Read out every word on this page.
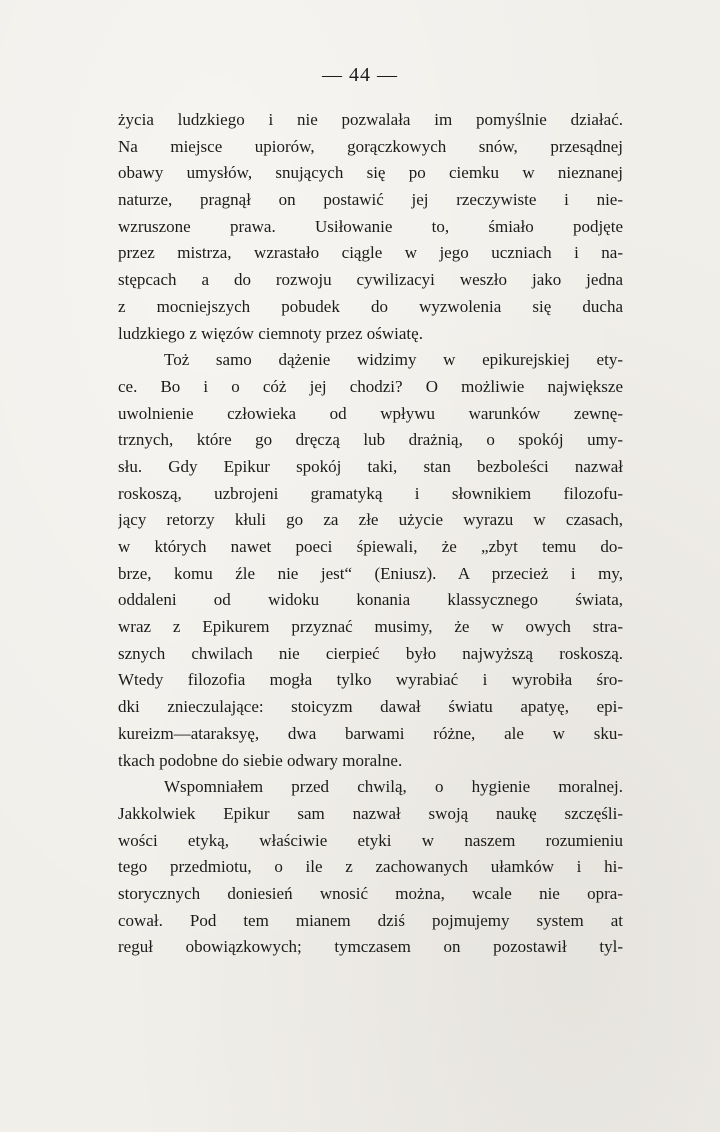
— 44 —
życia ludzkiego i nie pozwalała im pomyślnie działać.
Na miejsce upiorów, gorączkowych snów, przesądnej
obawy umysłów, snujących się po ciemku w nieznanej
naturze, pragnął on postawić jej rzeczywiste i nie-
wzruszone prawa. Usiłowanie to, śmiało podjęte
przez mistrza, wzrastało ciągle w jego uczniach i na-
stępcach a do rozwoju cywilizacyi weszło jako jedna
z mocniejszych pobudek do wyzwolenia się ducha
ludzkiego z więzów ciemnoty przez oświatę.
Toż samo dążenie widzimy w epikurejskiej ety-
ce. Bo i o cóż jej chodzi? O możliwie największe
uwolnienie człowieka od wpływu warunków zewnę-
trznych, które go dręczą lub drażnią, o spokój umy-
słu. Gdy Epikur spokój taki, stan bezboleści nazwał
roskoszą, uzbrojeni gramatyką i słownikiem filozofu-
jący retorzy kłuli go za złe użycie wyrazu w czasach,
w których nawet poeci śpiewali, że „zbyt temu do-
brze, komu źle nie jest“ (Eniusz). A przecież i my,
oddaleni od widoku konania klassycznego świata,
wraz z Epikurem przyznać musimy, że w owych stra-
sznych chwilach nie cierpieć było najwyższą roskoszą.
Wtedy filozofia mogła tylko wyrabiać i wyrobiła śro-
dki znieczulające: stoicyzm dawał światu apatyę, epi-
kureizm—ataraksyę, dwa barwami różne, ale w sku-
tkach podobne do siebie odwary moralne.
Wspomniałem przed chwilą, o hygienie moralnej.
Jakkolwiek Epikur sam nazwał swoją naukę szczęśli-
wości etyką, właściwie etyki w naszem rozumieniu
tego przedmiotu, o ile z zachowanych ułamków i hi-
storycznych doniesień wnosić można, wcale nie opra-
cował. Pod tem mianem dziś pojmujemy system at
reguł obowiązkowych; tymczasem on pozostawił tyl-
